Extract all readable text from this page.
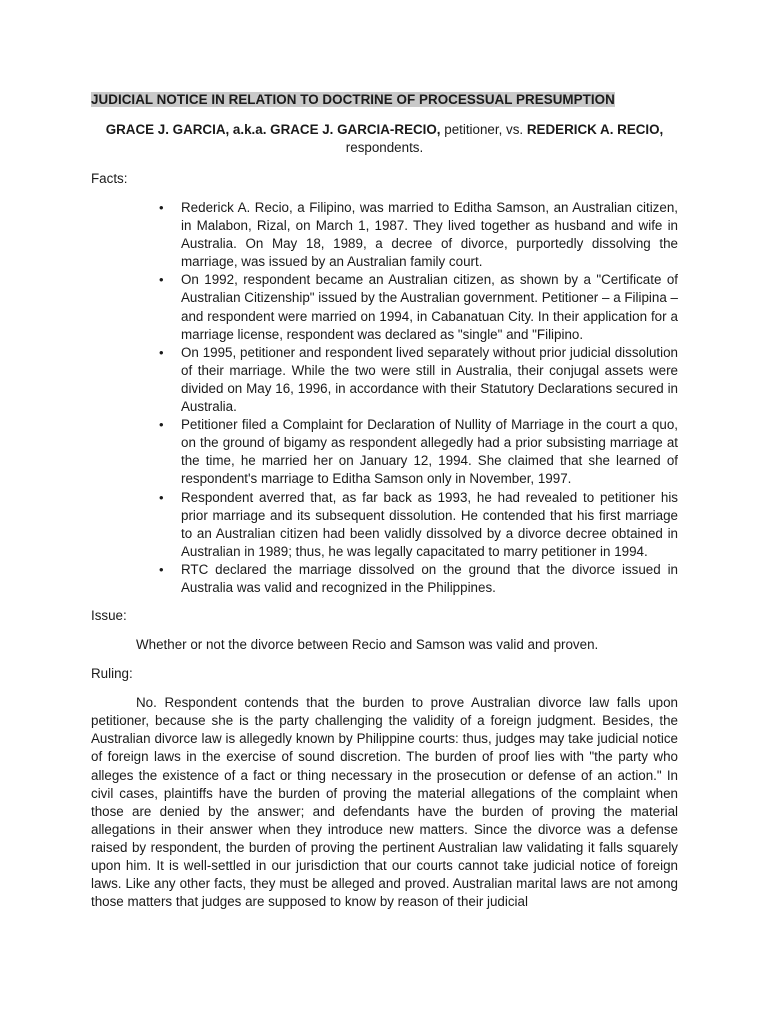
JUDICIAL NOTICE IN RELATION TO DOCTRINE OF PROCESSUAL PRESUMPTION

GRACE J. GARCIA, a.k.a. GRACE J. GARCIA-RECIO, petitioner, vs. REDERICK A. RECIO, respondents.

Facts:

• Rederick A. Recio, a Filipino, was married to Editha Samson, an Australian citizen, in Malabon, Rizal, on March 1, 1987. They lived together as husband and wife in Australia. On May 18, 1989, a decree of divorce, purportedly dissolving the marriage, was issued by an Australian family court.
• On 1992, respondent became an Australian citizen, as shown by a "Certificate of Australian Citizenship" issued by the Australian government. Petitioner – a Filipina – and respondent were married on 1994, in Cabanatuan City. In their application for a marriage license, respondent was declared as "single" and "Filipino.
• On 1995, petitioner and respondent lived separately without prior judicial dissolution of their marriage. While the two were still in Australia, their conjugal assets were divided on May 16, 1996, in accordance with their Statutory Declarations secured in Australia.
• Petitioner filed a Complaint for Declaration of Nullity of Marriage in the court a quo, on the ground of bigamy as respondent allegedly had a prior subsisting marriage at the time, he married her on January 12, 1994. She claimed that she learned of respondent's marriage to Editha Samson only in November, 1997.
• Respondent averred that, as far back as 1993, he had revealed to petitioner his prior marriage and its subsequent dissolution. He contended that his first marriage to an Australian citizen had been validly dissolved by a divorce decree obtained in Australian in 1989; thus, he was legally capacitated to marry petitioner in 1994.
• RTC declared the marriage dissolved on the ground that the divorce issued in Australia was valid and recognized in the Philippines.

Issue:

Whether or not the divorce between Recio and Samson was valid and proven.

Ruling:

No. Respondent contends that the burden to prove Australian divorce law falls upon petitioner, because she is the party challenging the validity of a foreign judgment. Besides, the Australian divorce law is allegedly known by Philippine courts: thus, judges may take judicial notice of foreign laws in the exercise of sound discretion. The burden of proof lies with "the party who alleges the existence of a fact or thing necessary in the prosecution or defense of an action." In civil cases, plaintiffs have the burden of proving the material allegations of the complaint when those are denied by the answer; and defendants have the burden of proving the material allegations in their answer when they introduce new matters. Since the divorce was a defense raised by respondent, the burden of proving the pertinent Australian law validating it falls squarely upon him. It is well-settled in our jurisdiction that our courts cannot take judicial notice of foreign laws. Like any other facts, they must be alleged and proved. Australian marital laws are not among those matters that judges are supposed to know by reason of their judicial
